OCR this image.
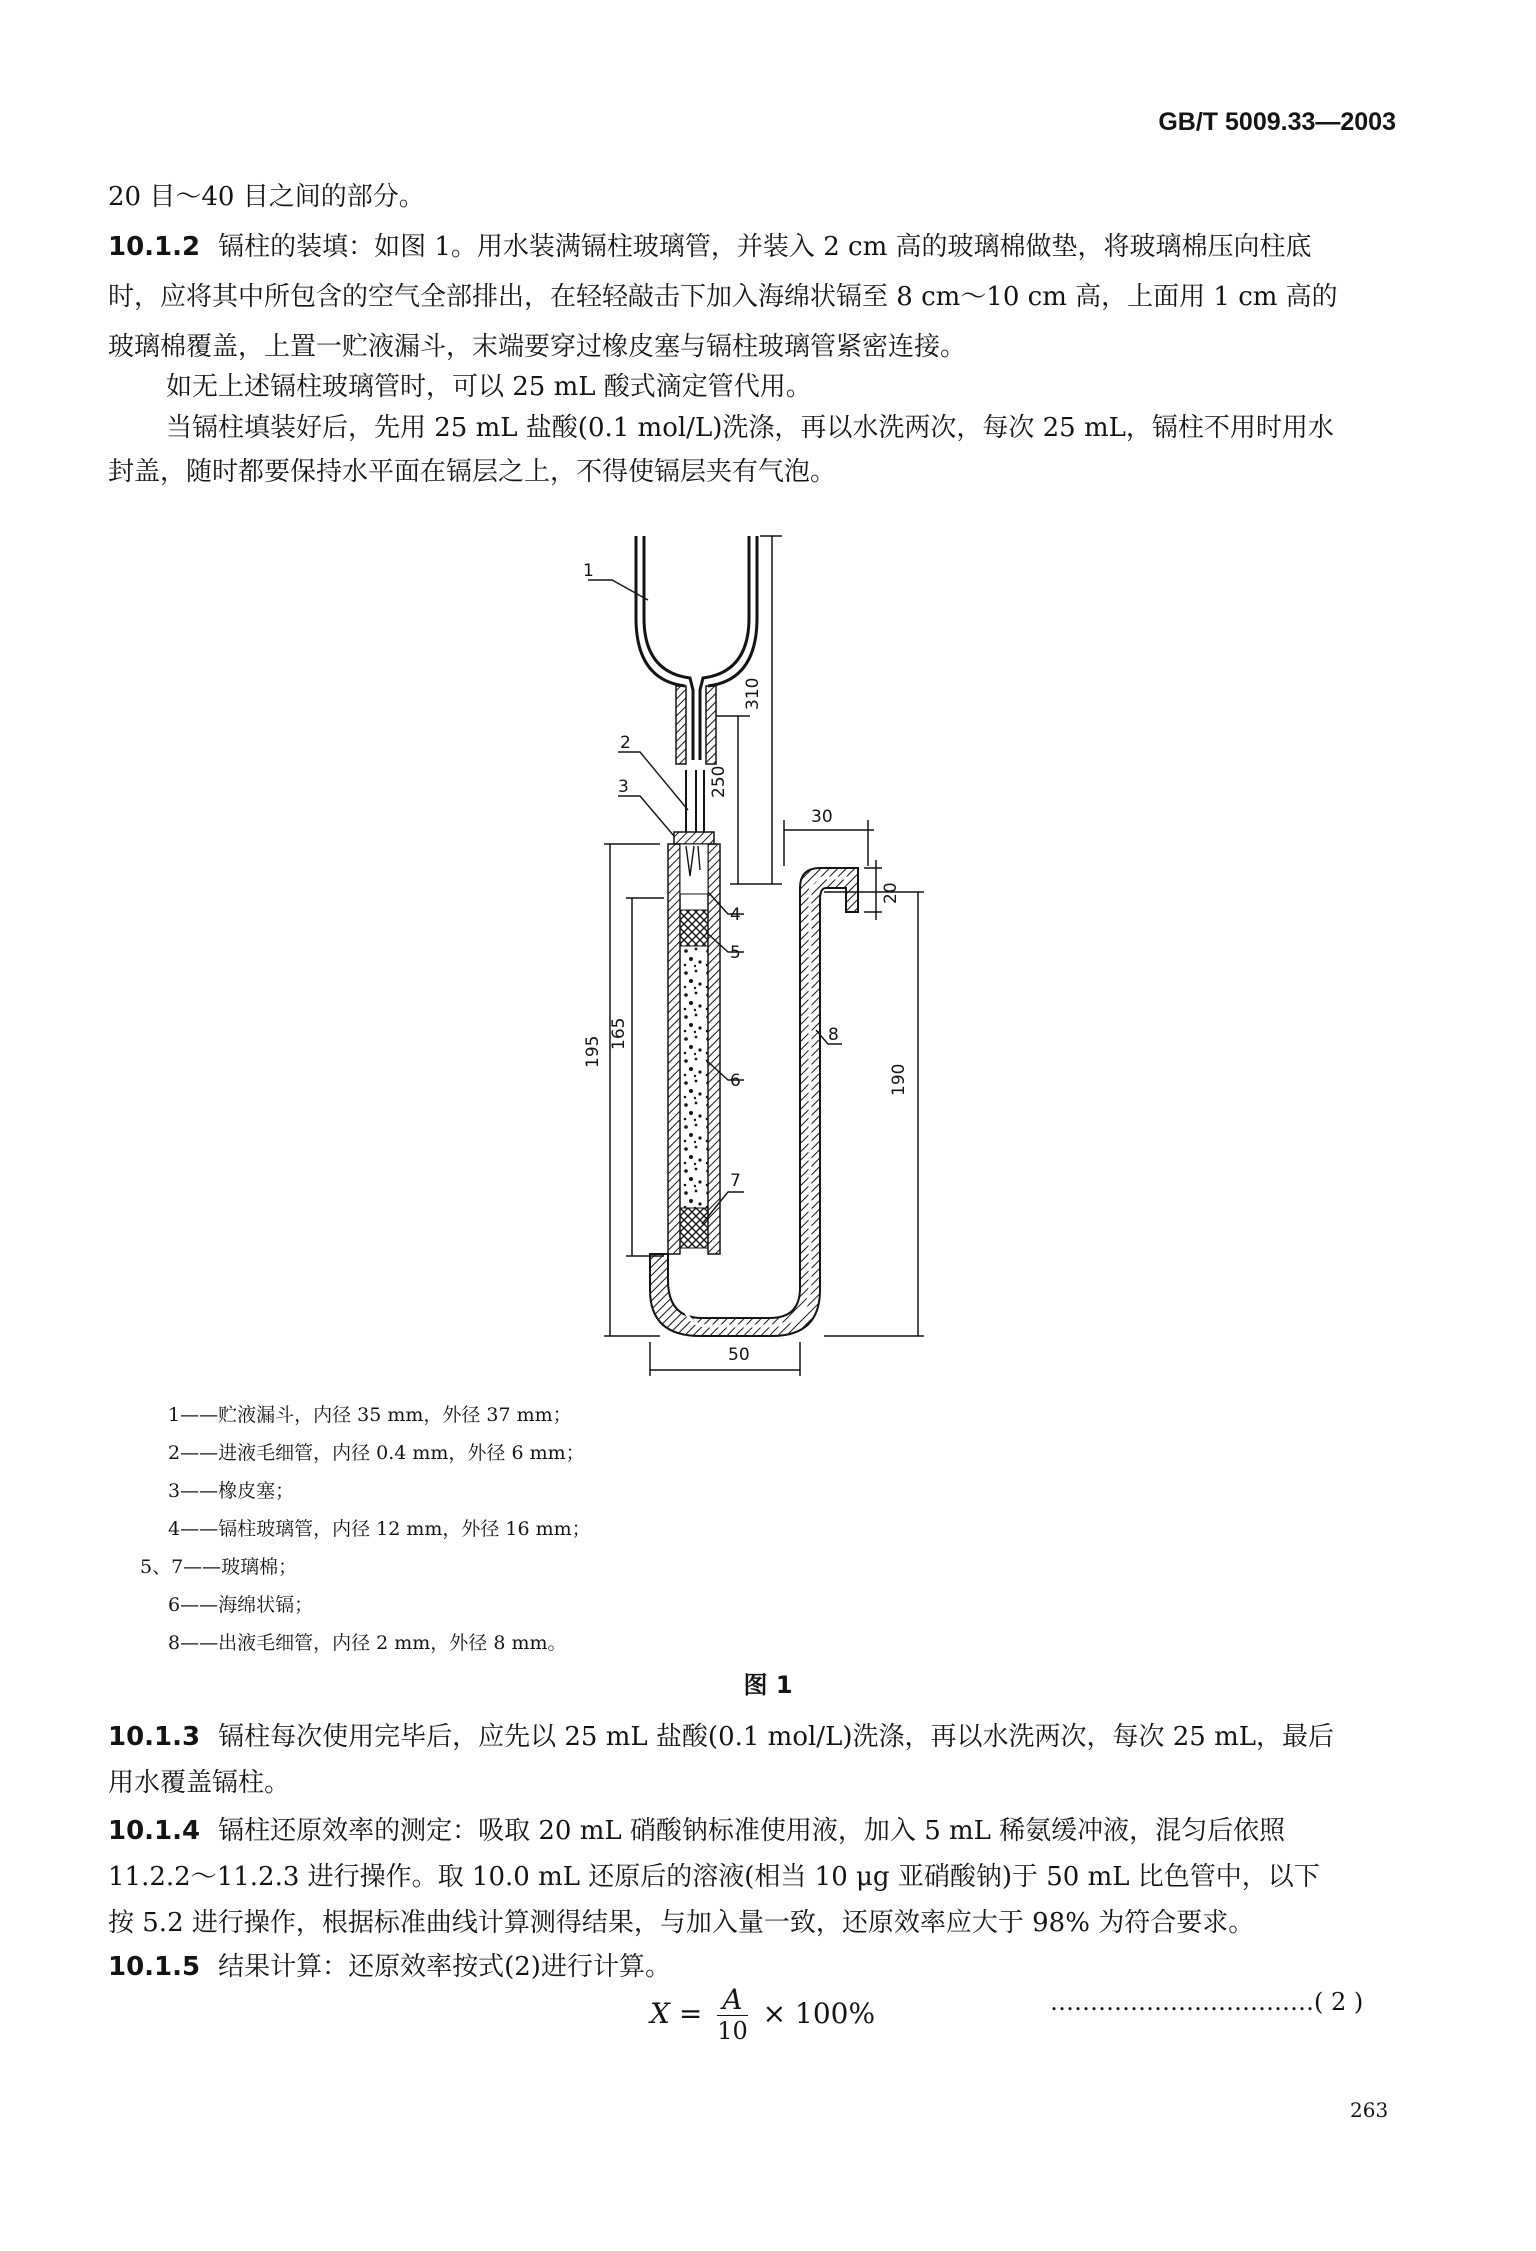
GB/T 5009.33—2003
20 目～40 目之间的部分。
10.1.2 镉柱的装填：如图 1。用水装满镉柱玻璃管，并装入 2 cm 高的玻璃棉做垫，将玻璃棉压向柱底
时，应将其中所包含的空气全部排出，在轻轻敲击下加入海绵状镉至 8 cm～10 cm 高，上面用 1 cm 高的
玻璃棉覆盖，上置一贮液漏斗，末端要穿过橡皮塞与镉柱玻璃管紧密连接。
如无上述镉柱玻璃管时，可以 25 mL 酸式滴定管代用。
当镉柱填装好后，先用 25 mL 盐酸(0.1 mol/L)洗涤，再以水洗两次，每次 25 mL，镉柱不用时用水
封盖，随时都要保持水平面在镉层之上，不得使镉层夹有气泡。
1
2
3
4
5
6
7
8
310
250
30
20
195
165
190
50
1——贮液漏斗，内径 35 mm，外径 37 mm；
2——进液毛细管，内径 0.4 mm，外径 6 mm；
3——橡皮塞；
4——镉柱玻璃管，内径 12 mm，外径 16 mm；
5、7——玻璃棉；
6——海绵状镉；
8——出液毛细管，内径 2 mm，外径 8 mm。
图 1
10.1.3 镉柱每次使用完毕后，应先以 25 mL 盐酸(0.1 mol/L)洗涤，再以水洗两次，每次 25 mL，最后
用水覆盖镉柱。
10.1.4 镉柱还原效率的测定：吸取 20 mL 硝酸钠标准使用液，加入 5 mL 稀氨缓冲液，混匀后依照
11.2.2～11.2.3 进行操作。取 10.0 mL 还原后的溶液(相当 10 μg 亚硝酸钠)于 50 mL 比色管中，以下
按 5.2 进行操作，根据标准曲线计算测得结果，与加入量一致，还原效率应大于 98% 为符合要求。
10.1.5 结果计算：还原效率按式(2)进行计算。
$X = \frac{A}{10} \times 100\%$	……………………………( 2 )
263
